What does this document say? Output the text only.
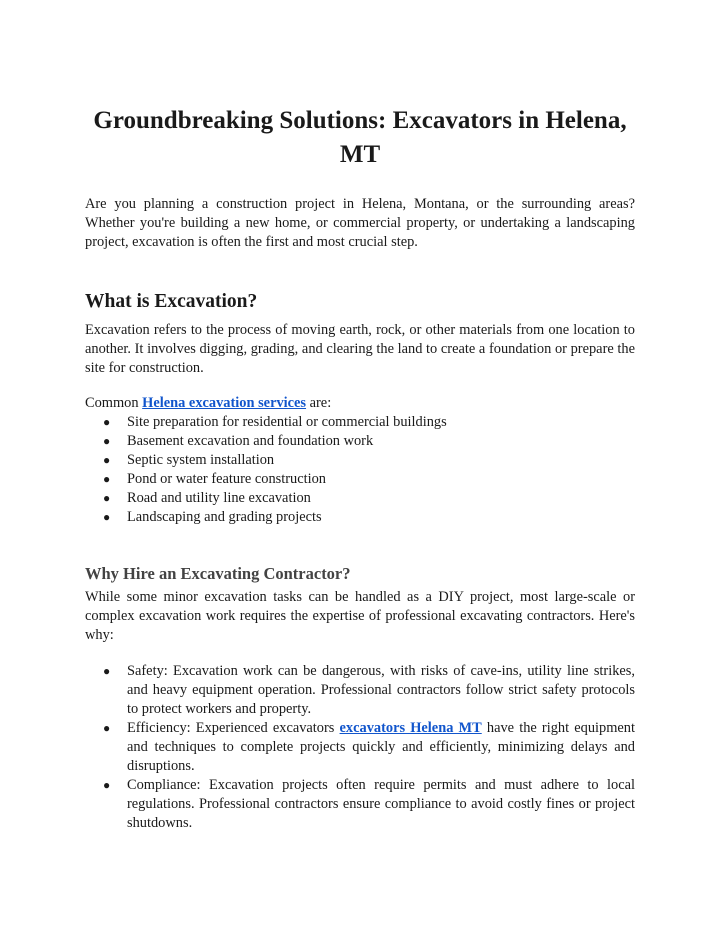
Groundbreaking Solutions: Excavators in Helena, MT

Are you planning a construction project in Helena, Montana, or the surrounding areas? Whether you're building a new home, or commercial property, or undertaking a landscaping project, excavation is often the first and most crucial step.

What is Excavation?

Excavation refers to the process of moving earth, rock, or other materials from one location to another. It involves digging, grading, and clearing the land to create a foundation or prepare the site for construction.

Common Helena excavation services are:

● Site preparation for residential or commercial buildings
● Basement excavation and foundation work
● Septic system installation
● Pond or water feature construction
● Road and utility line excavation
● Landscaping and grading projects
Why Hire an Excavating Contractor?

While some minor excavation tasks can be handled as a DIY project, most large-scale or complex excavation work requires the expertise of professional excavating contractors. Here's why:

● Safety: Excavation work can be dangerous, with risks of cave-ins, utility line strikes, and heavy equipment operation. Professional contractors follow strict safety protocols to protect workers and property.
● Efficiency: Experienced excavators excavators Helena MT have the right equipment and techniques to complete projects quickly and efficiently, minimizing delays and disruptions.
● Compliance: Excavation projects often require permits and must adhere to local regulations. Professional contractors ensure compliance to avoid costly fines or project shutdowns.
